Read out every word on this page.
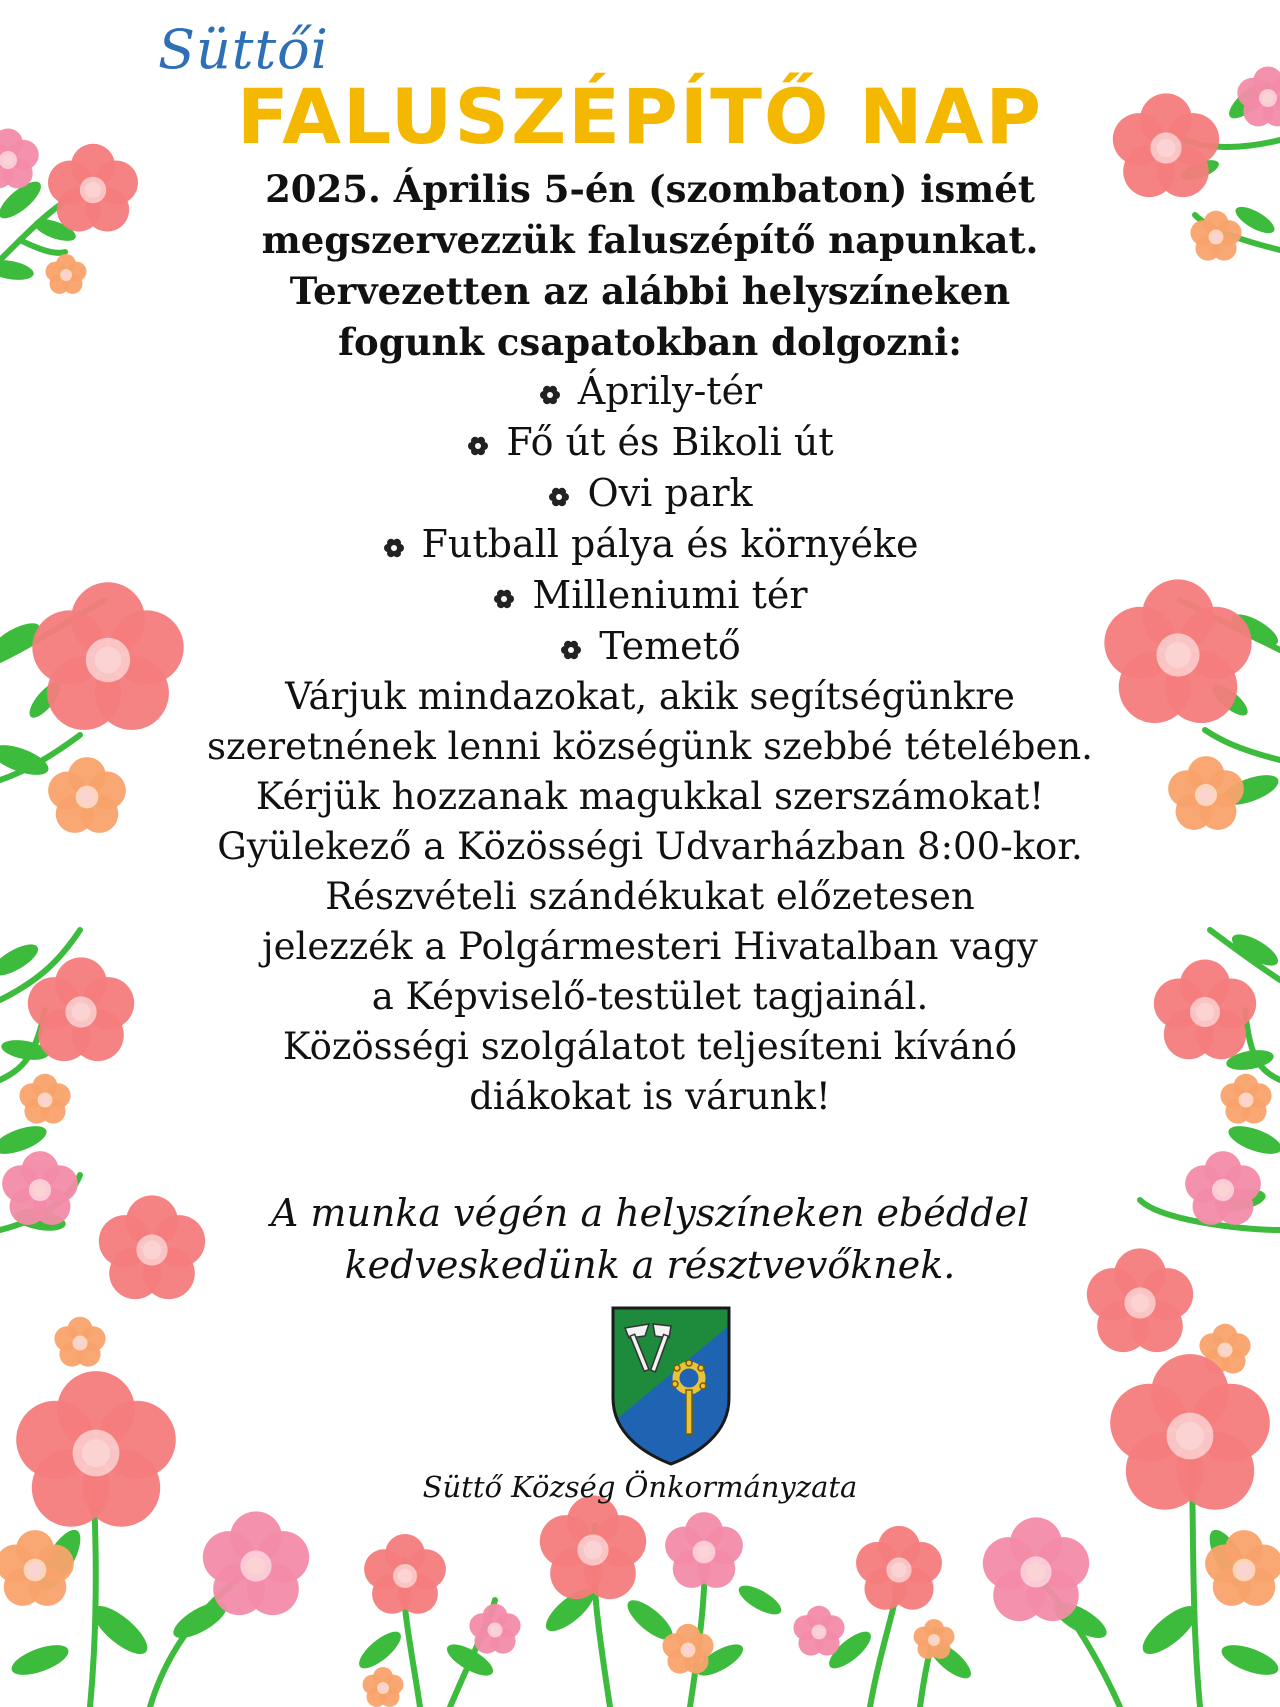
Süttői
FALUSZÉPÍTŐ NAP
2025. Április 5-én (szombaton) ismét
megszervezzük faluszépítő napunkat.
Tervezetten az alábbi helyszíneken
fogunk csapatokban dolgozni:
Áprily-tér
Fő út és Bikoli út
Ovi park
Futball pálya és környéke
Milleniumi tér
Temető
Várjuk mindazokat, akik segítségünkre
szeretnének lenni községünk szebbé tételében.
Kérjük hozzanak magukkal szerszámokat!
Gyülekező a Közösségi Udvarházban 8:00-kor.
Részvételi szándékukat előzetesen
jelezzék a Polgármesteri Hivatalban vagy
a Képviselő-testület tagjainál.
Közösségi szolgálatot teljesíteni kívánó
diákokat is várunk!
A munka végén a helyszíneken ebéddel
kedveskedünk a résztvevőknek.
Süttő Község Önkormányzata
